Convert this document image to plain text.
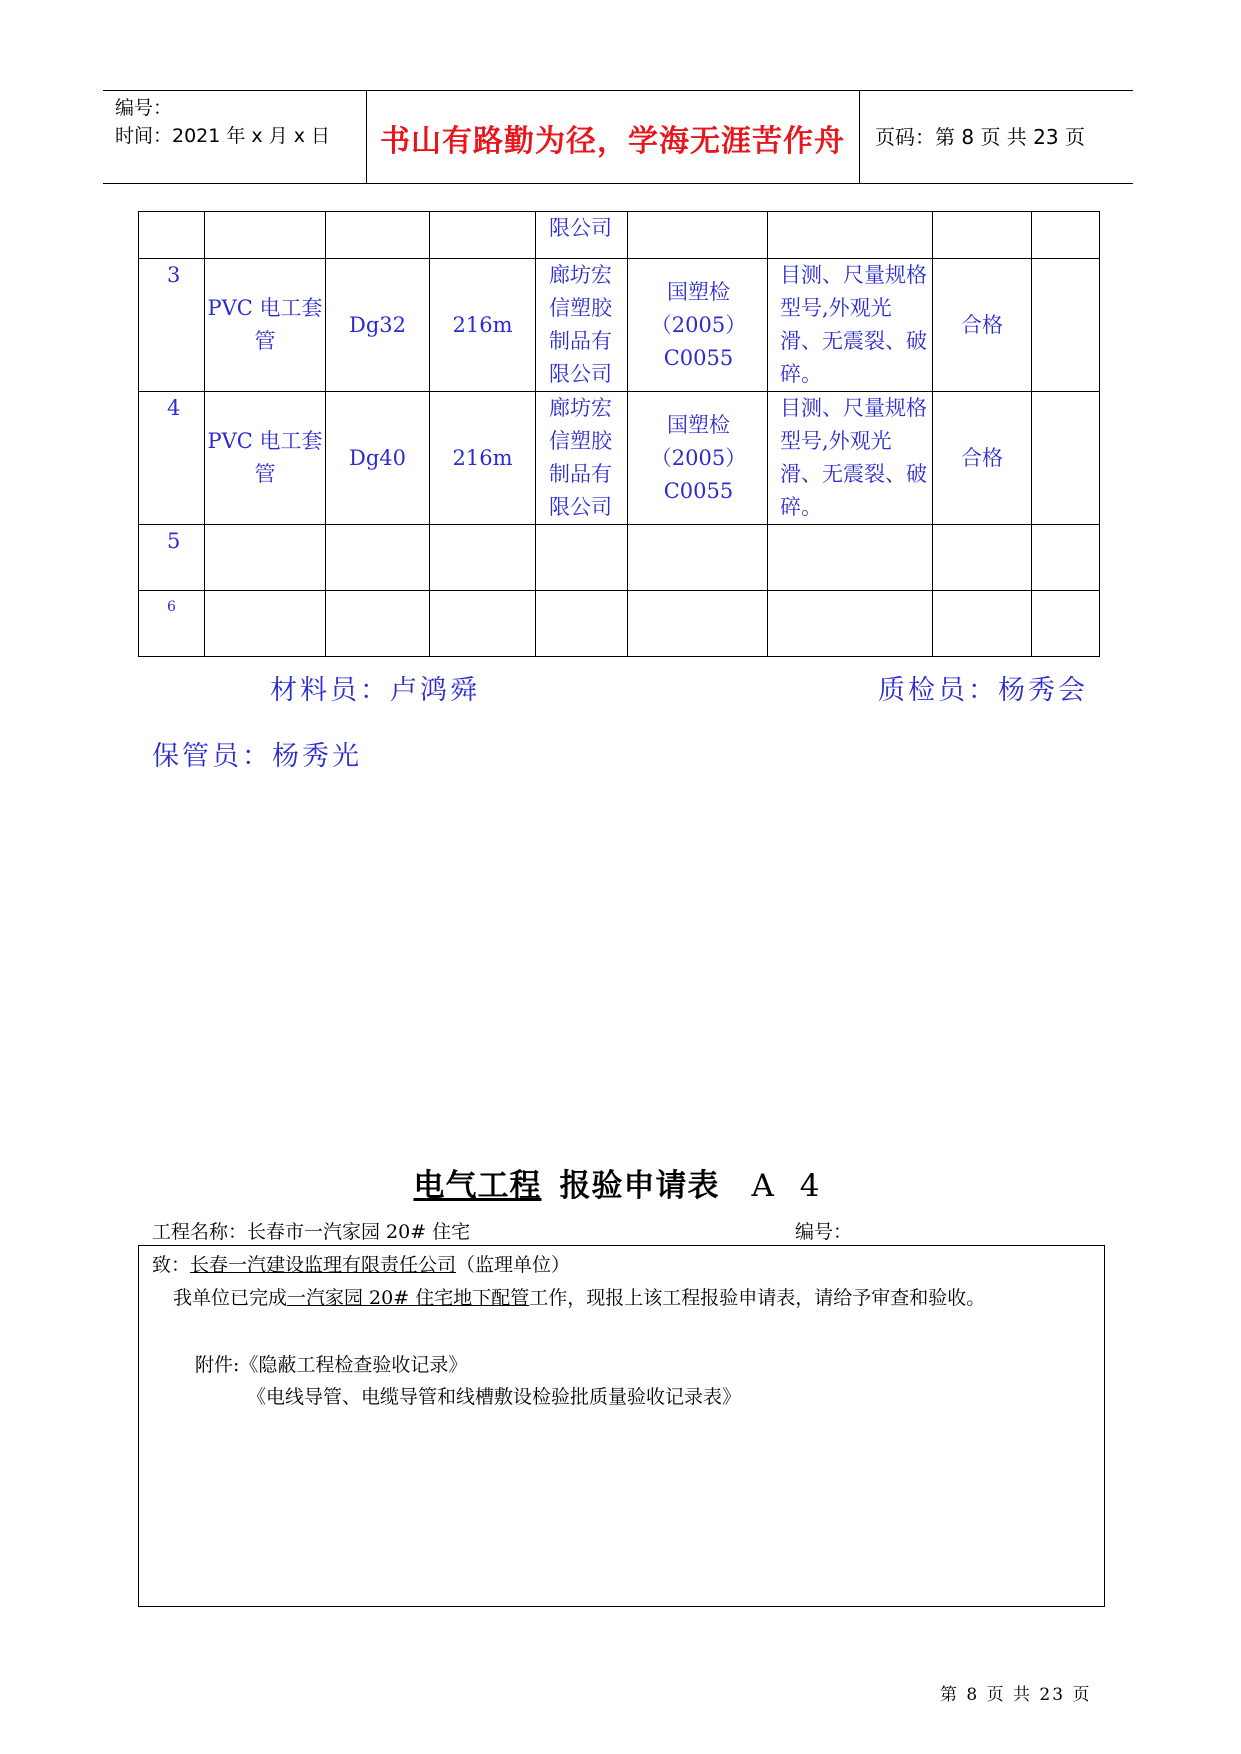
编号：
时间：2021 年 x 月 x 日	书山有路勤为径，学海无涯苦作舟	页码：第 8 页 共 23 页
				限公司				
3	PVC 电工套管	Dg32	216m	廊坊宏信塑胶制品有限公司	国塑检（2005）C0055	目测、尺量规格型号,外观光滑、无震裂、破碎。	合格	
4	PVC 电工套管	Dg40	216m	廊坊宏信塑胶制品有限公司	国塑检（2005）C0055	目测、尺量规格型号,外观光滑、无震裂、破碎。	合格	
5								
6								
材料员：卢鸿舜	质检员：杨秀会
保管员：杨秀光
电气工程 报验申请表 A 4
工程名称：长春市一汽家园 20# 住宅	编号：
致：长春一汽建设监理有限责任公司（监理单位）
我单位已完成一汽家园 20# 住宅地下配管工作，现报上该工程报验申请表，请给予审查和验收。
附件:《隐蔽工程检查验收记录》
《电线导管、电缆导管和线槽敷设检验批质量验收记录表》
第 8 页 共 23 页
